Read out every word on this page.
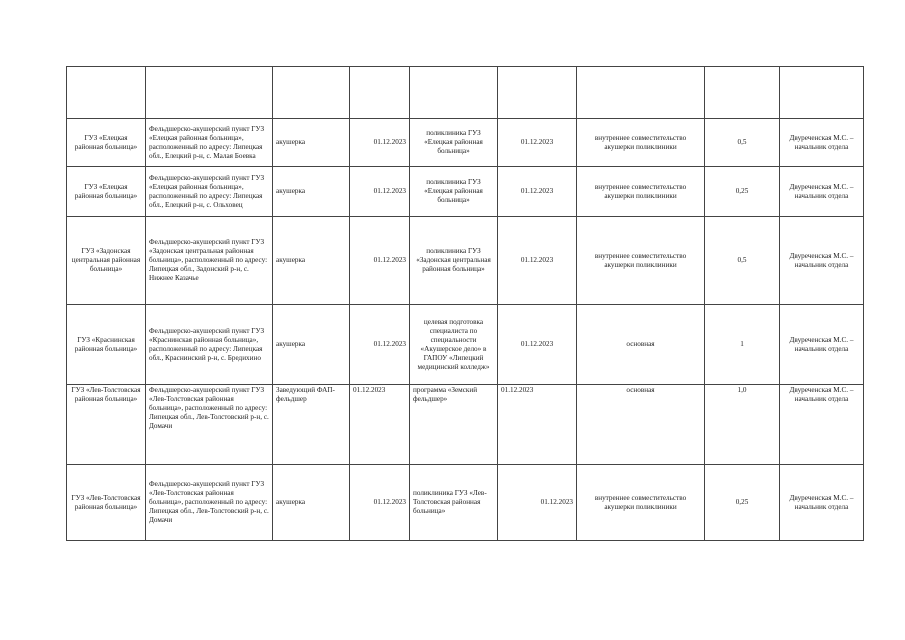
ГУЗ «Елецкая районная больница»	Фельдшерско-акушерский пункт ГУЗ «Елецкая районная больница», расположенный по адресу: Липецкая обл., Елецкий р-н, с. Малая Боевка	акушерка	01.12.2023	поликлиника ГУЗ «Елецкая районная больница»	01.12.2023	внутреннее совместительство акушерки поликлиники	0,5	Двуреченская М.С. – начальник отдела
ГУЗ «Елецкая районная больница»	Фельдшерско-акушерский пункт ГУЗ «Елецкая районная больница», расположенный по адресу: Липецкая обл., Елецкий р-н, с. Ольховец	акушерка	01.12.2023	поликлиника ГУЗ «Елецкая районная больница»	01.12.2023	внутреннее совместительство акушерки поликлиники	0,25	Двуреченская М.С. – начальник отдела
ГУЗ «Задонская центральная районная больница»	Фельдшерско-акушерский пункт ГУЗ «Задонская центральная районная больница», расположенный по адресу: Липецкая обл., Задонский р-н, с. Нижнее Казачье	акушерка	01.12.2023	поликлиника ГУЗ «Задонская центральная районная больница»	01.12.2023	внутреннее совместительство акушерки поликлиники	0,5	Двуреченская М.С. – начальник отдела
ГУЗ «Краснинская районная больница»	Фельдшерско-акушерский пункт ГУЗ «Краснинская районная больница», расположенный по адресу: Липецкая обл., Краснинский р-н, с. Бредихино	акушерка	01.12.2023	целевая подготовка специалиста по специальности «Акушерское дело» в ГАПОУ «Липецкий медицинский колледж»	01.12.2023	основная	1	Двуреченская М.С. – начальник отдела
ГУЗ «Лев-Толстовская районная больница»	Фельдшерско-акушерский пункт ГУЗ «Лев-Толстовская районная больница», расположенный по адресу: Липецкая обл., Лев-Толстовский р-н, с. Домачи	Заведующий ФАП-фельдшер	01.12.2023	программа «Земский фельдшер»	01.12.2023	основная	1,0	Двуреченская М.С. – начальник отдела
ГУЗ «Лев-Толстовская районная больница»	Фельдшерско-акушерский пункт ГУЗ «Лев-Толстовская районная больница», расположенный по адресу: Липецкая обл., Лев-Толстовский р-н, с. Домачи	акушерка	01.12.2023	поликлиника ГУЗ «Лев-Толстовская районная больница»	01.12.2023	внутреннее совместительство акушерки поликлиники	0,25	Двуреченская М.С. – начальник отдела
